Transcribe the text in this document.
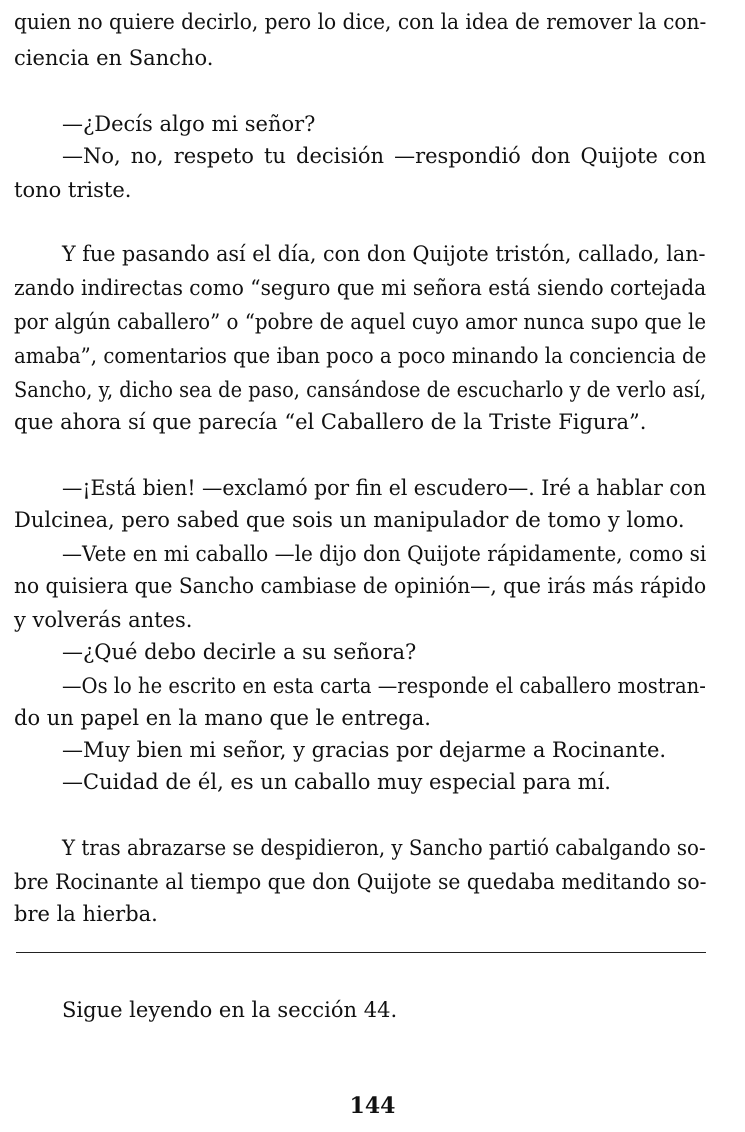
quien no quiere decirlo, pero lo dice, con la idea de remover la con-
ciencia en Sancho.
—¿Decís algo mi señor?
—No, no, respeto tu decisión —respondió don Quijote con
tono triste.
Y fue pasando así el día, con don Quijote tristón, callado, lan-
zando indirectas como “seguro que mi señora está siendo cortejada
por algún caballero” o “pobre de aquel cuyo amor nunca supo que le
amaba”, comentarios que iban poco a poco minando la conciencia de
Sancho, y, dicho sea de paso, cansándose de escucharlo y de verlo así,
que ahora sí que parecía “el Caballero de la Triste Figura”.
—¡Está bien! —exclamó por fin el escudero—. Iré a hablar con
Dulcinea, pero sabed que sois un manipulador de tomo y lomo.
—Vete en mi caballo —le dijo don Quijote rápidamente, como si
no quisiera que Sancho cambiase de opinión—, que irás más rápido
y volverás antes.
—¿Qué debo decirle a su señora?
—Os lo he escrito en esta carta —responde el caballero mostran-
do un papel en la mano que le entrega.
—Muy bien mi señor, y gracias por dejarme a Rocinante.
—Cuidad de él, es un caballo muy especial para mí.
Y tras abrazarse se despidieron, y Sancho partió cabalgando so-
bre Rocinante al tiempo que don Quijote se quedaba meditando so-
bre la hierba.
Sigue leyendo en la sección 44.
144
